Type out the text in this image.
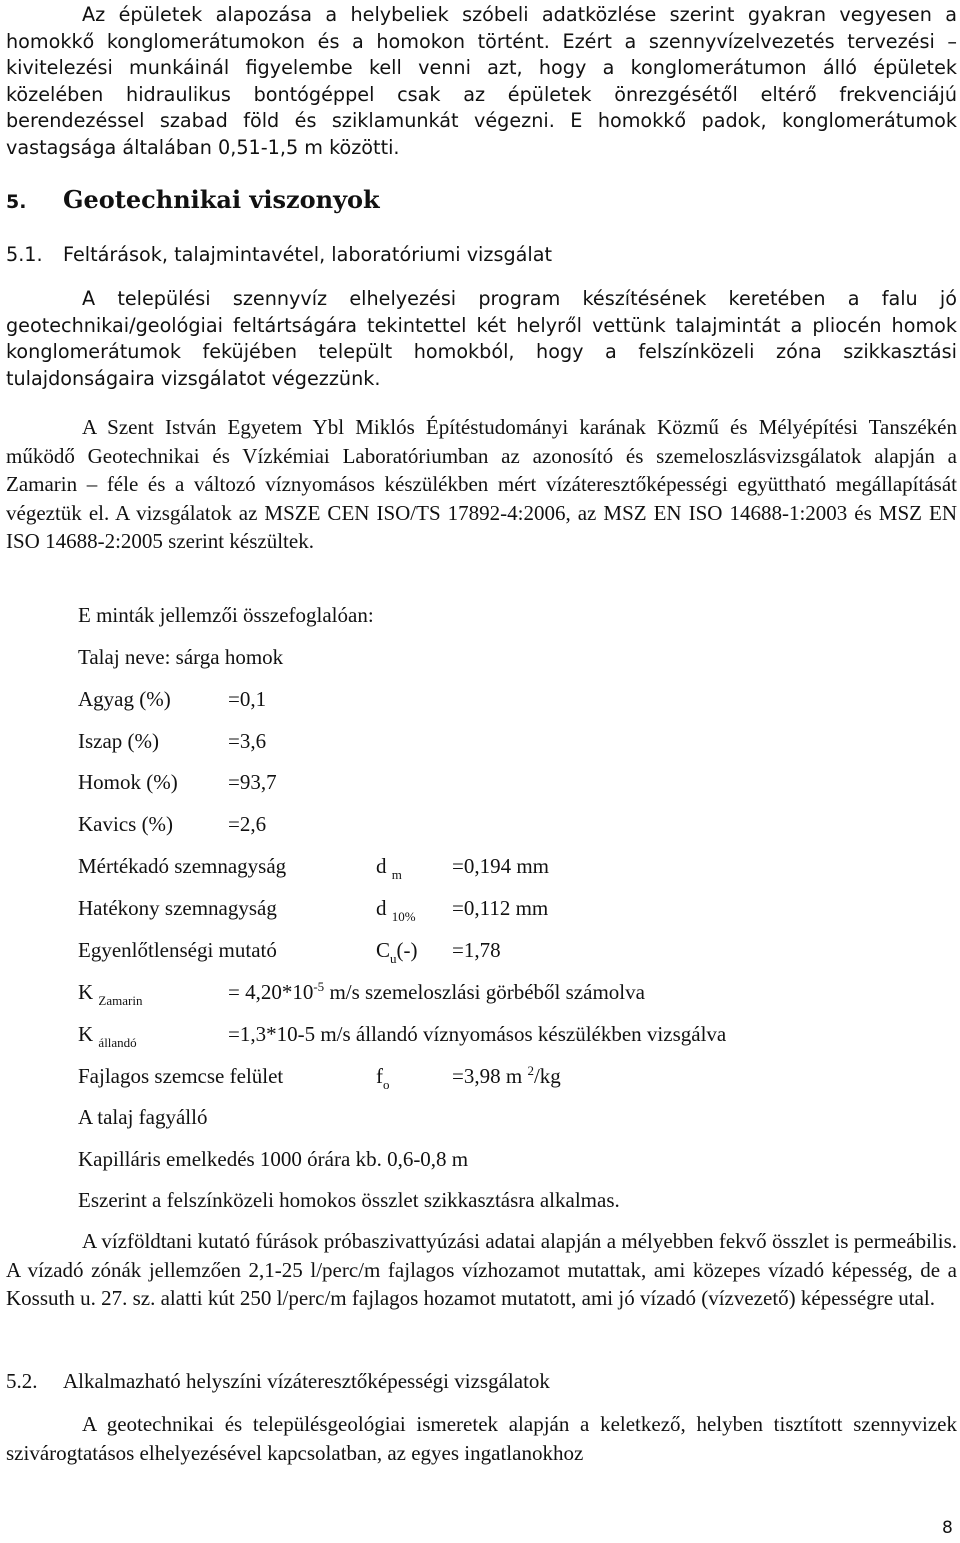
Az épületek alapozása a helybeliek szóbeli adatközlése szerint gyakran vegyesen a homokkő konglomerátumokon és a homokon történt. Ezért a szennyvízelvezetés tervezési – kivitelezési munkáinál figyelembe kell venni azt, hogy a konglomerátumon álló épületek közelében hidraulikus bontógéppel csak az épületek önrezgésétől eltérő frekvenciájú berendezéssel szabad föld és sziklamunkát végezni. E homokkő padok, konglomerátumok vastagsága általában 0,51-1,5 m közötti.

5. Geotechnikai viszonyok
5.1. Feltárások, talajmintavétel, laboratóriumi vizsgálat

A települési szennyvíz elhelyezési program készítésének keretében a falu jó geotechnikai/geológiai feltártságára tekintettel két helyről vettünk talajmintát a pliocén homok konglomerátumok feküjében települt homokból, hogy a felszínközeli zóna szikkasztási tulajdonságaira vizsgálatot végezzünk.

A Szent István Egyetem Ybl Miklós Építéstudományi karának Közmű és Mélyépítési Tanszékén működő Geotechnikai és Vízkémiai Laboratóriumban az azonosító és szemeloszlásvizsgálatok alapján a Zamarin – féle és a változó víznyomásos készülékben mért vízáteresztőképességi együttható megállapítását végeztük el. A vizsgálatok az MSZE CEN ISO/TS 17892-4:2006, az MSZ EN ISO 14688-1:2003 és MSZ EN ISO 14688-2:2005 szerint készültek.

E minták jellemzői összefoglalóan:
Talaj neve: sárga homok
Agyag (%)	=0,1
Iszap (%)	=3,6
Homok (%) =93,7
Kavics (%)	=2,6
Mértékadó szemnagyság	d $_m$ =0,194 mm
Hatékony szemnagyság	d $_{10\%}$ =0,112 mm
Egyenlőtlenségi mutató	$C_u(-) =1,78$
K $_{Zamarin}$	= $4,20*10^{-5}$ m/s szemeloszlási görbéből számolva
K $_{állandó}$	=1,3*10-5 m/s állandó víznyomásos készülékben vizsgálva
Fajlagos szemcse felület	$f_o$	=3,98 m $^2$/kg
A talaj fagyálló
Kapilláris emelkedés 1000 órára kb. 0,6-0,8 m
Eszerint a felszínközeli homokos összlet szikkasztásra alkalmas.

A vízföldtani kutató fúrások próbaszivattyúzási adatai alapján a mélyebben fekvő összlet is permeábilis. A vízadó zónák jellemzően 2,1-25 l/perc/m fajlagos vízhozamot mutattak, ami közepes vízadó képesség, de a Kossuth u. 27. sz. alatti kút 250 l/perc/m fajlagos hozamot mutatott, ami jó vízadó (vízvezető) képességre utal.

5.2. Alkalmazható helyszíni vízáteresztőképességi vizsgálatok

A geotechnikai és településgeológiai ismeretek alapján a keletkező, helyben tisztított szennyvizek szivárogtatásos elhelyezésével kapcsolatban, az egyes ingatlanokhoz

8
